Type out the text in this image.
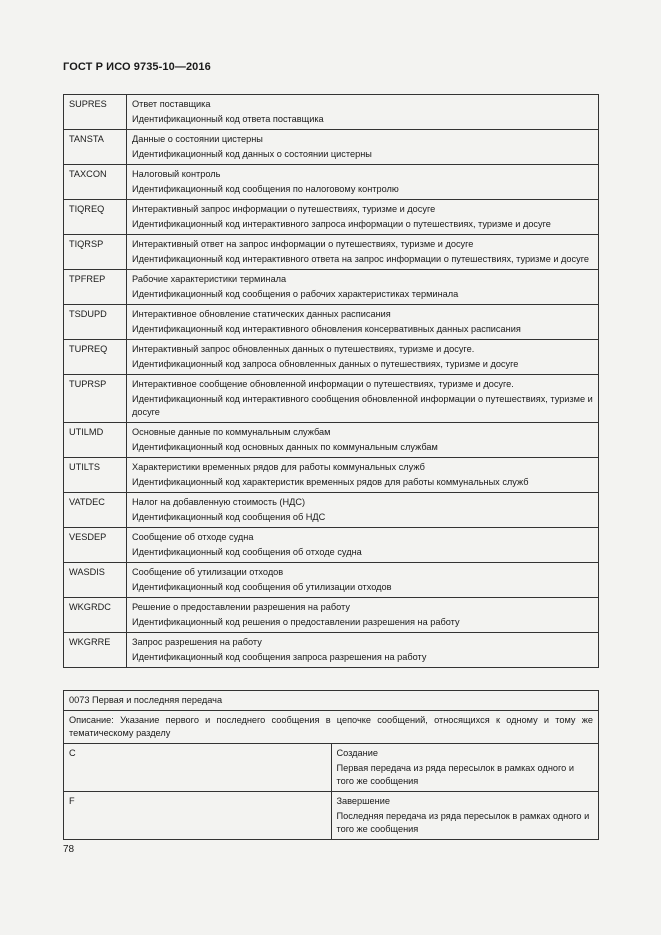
ГОСТ Р ИСО 9735-10—2016
SUPRES	Ответ поставщика
Идентификационный код ответа поставщика

TANSTA	Данные о состоянии цистерны
Идентификационный код данных о состоянии цистерны

TAXCON	Налоговый контроль
Идентификационный код сообщения по налоговому контролю

TIQREQ	Интерактивный запрос информации о путешествиях, туризме и досуге
Идентификационный код интерактивного запроса информации о путешествиях, туризме и досуге

TIQRSP	Интерактивный ответ на запрос информации о путешествиях, туризме и досуге
Идентификационный код интерактивного ответа на запрос информации о путешествиях, туризме и досуге

TPFREP	Рабочие характеристики терминала
Идентификационный код сообщения о рабочих характеристиках терминала

TSDUPD	Интерактивное обновление статических данных расписания
Идентификационный код интерактивного обновления консервативных данных расписания

TUPREQ	Интерактивный запрос обновленных данных о путешествиях, туризме и досуге.
Идентификационный код запроса обновленных данных о путешествиях, туризме и досуге

TUPRSP	Интерактивное сообщение обновленной информации о путешествиях, туризме и досуге.
Идентификационный код интерактивного сообщения обновленной информации о путешествиях, туризме и досуге

UTILMD	Основные данные по коммунальным службам
Идентификационный код основных данных по коммунальным службам

UTILTS	Характеристики временных рядов для работы коммунальных служб
Идентификационный код характеристик временных рядов для работы коммунальных служб

VATDEC	Налог на добавленную стоимость (НДС)
Идентификационный код сообщения об НДС

VESDEP	Сообщение об отходе судна
Идентификационный код сообщения об отходе судна

WASDIS	Сообщение об утилизации отходов
Идентификационный код сообщения об утилизации отходов

WKGRDC	Решение о предоставлении разрешения на работу
Идентификационный код решения о предоставлении разрешения на работу

WKGRRE	Запрос разрешения на работу
Идентификационный код сообщения запроса разрешения на работу
0073 Первая и последняя передача	
Описание: Указание первого и последнего сообщения в цепочке сообщений, относящихся к одному и тому же тематическому разделу	
C	Создание
Первая передача из ряда пересылок в рамках одного и того же сообщения

F	Завершение
Последняя передача из ряда пересылок в рамках одного и того же сообщения
78
